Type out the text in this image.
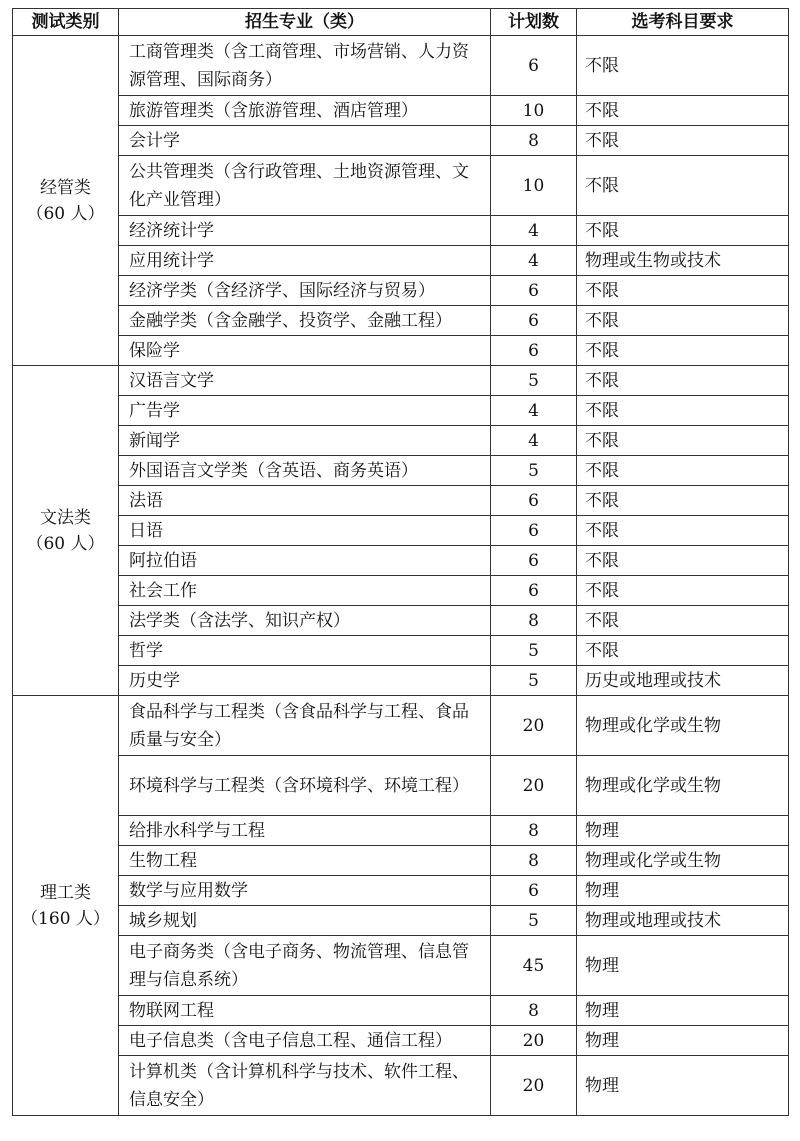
测试类别	招生专业（类）	计划数	选考科目要求
经管类
（60 人）	工商管理类（含工商管理、市场营销、人力资源管理、国际商务）	6	不限
	旅游管理类（含旅游管理、酒店管理）	10	不限
	会计学	8	不限
	公共管理类（含行政管理、土地资源管理、文化产业管理）	10	不限
	经济统计学	4	不限
	应用统计学	4	物理或生物或技术
	经济学类（含经济学、国际经济与贸易）	6	不限
	金融学类（含金融学、投资学、金融工程）	6	不限
	保险学	6	不限
文法类
（60 人）	汉语言文学	5	不限
	广告学	4	不限
	新闻学	4	不限
	外国语言文学类（含英语、商务英语）	5	不限
	法语	6	不限
	日语	6	不限
	阿拉伯语	6	不限
	社会工作	6	不限
	法学类（含法学、知识产权）	8	不限
	哲学	5	不限
	历史学	5	历史或地理或技术
理工类
（160 人）	食品科学与工程类（含食品科学与工程、食品质量与安全）	20	物理或化学或生物
	环境科学与工程类（含环境科学、环境工程）	20	物理或化学或生物
	给排水科学与工程	8	物理
	生物工程	8	物理或化学或生物
	数学与应用数学	6	物理
	城乡规划	5	物理或地理或技术
	电子商务类（含电子商务、物流管理、信息管理与信息系统）	45	物理
	物联网工程	8	物理
	电子信息类（含电子信息工程、通信工程）	20	物理
	计算机类（含计算机科学与技术、软件工程、信息安全）	20	物理
